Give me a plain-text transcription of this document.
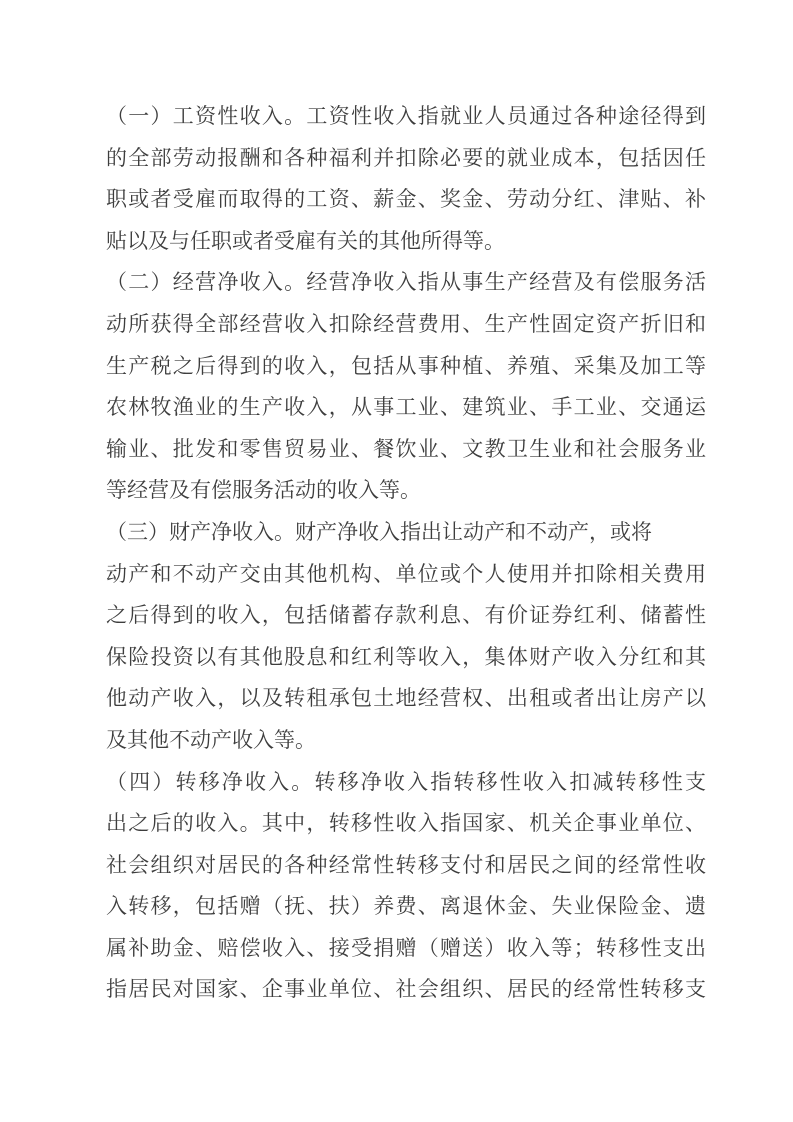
（一）工资性收入。工资性收入指就业人员通过各种途径得到
的全部劳动报酬和各种福利并扣除必要的就业成本，包括因任
职或者受雇而取得的工资、薪金、奖金、劳动分红、津贴、补
贴以及与任职或者受雇有关的其他所得等。
（二）经营净收入。经营净收入指从事生产经营及有偿服务活
动所获得全部经营收入扣除经营费用、生产性固定资产折旧和
生产税之后得到的收入，包括从事种植、养殖、采集及加工等
农林牧渔业的生产收入，从事工业、建筑业、手工业、交通运
输业、批发和零售贸易业、餐饮业、文教卫生业和社会服务业
等经营及有偿服务活动的收入等。
（三）财产净收入。财产净收入指出让动产和不动产，或将
动产和不动产交由其他机构、单位或个人使用并扣除相关费用
之后得到的收入，包括储蓄存款利息、有价证券红利、储蓄性
保险投资以有其他股息和红利等收入，集体财产收入分红和其
他动产收入，以及转租承包土地经营权、出租或者出让房产以
及其他不动产收入等。
（四）转移净收入。转移净收入指转移性收入扣减转移性支
出之后的收入。其中，转移性收入指国家、机关企事业单位、
社会组织对居民的各种经常性转移支付和居民之间的经常性收
入转移，包括赠（抚、扶）养费、离退休金、失业保险金、遗
属补助金、赔偿收入、接受捐赠（赠送）收入等；转移性支出
指居民对国家、企事业单位、社会组织、居民的经常性转移支
